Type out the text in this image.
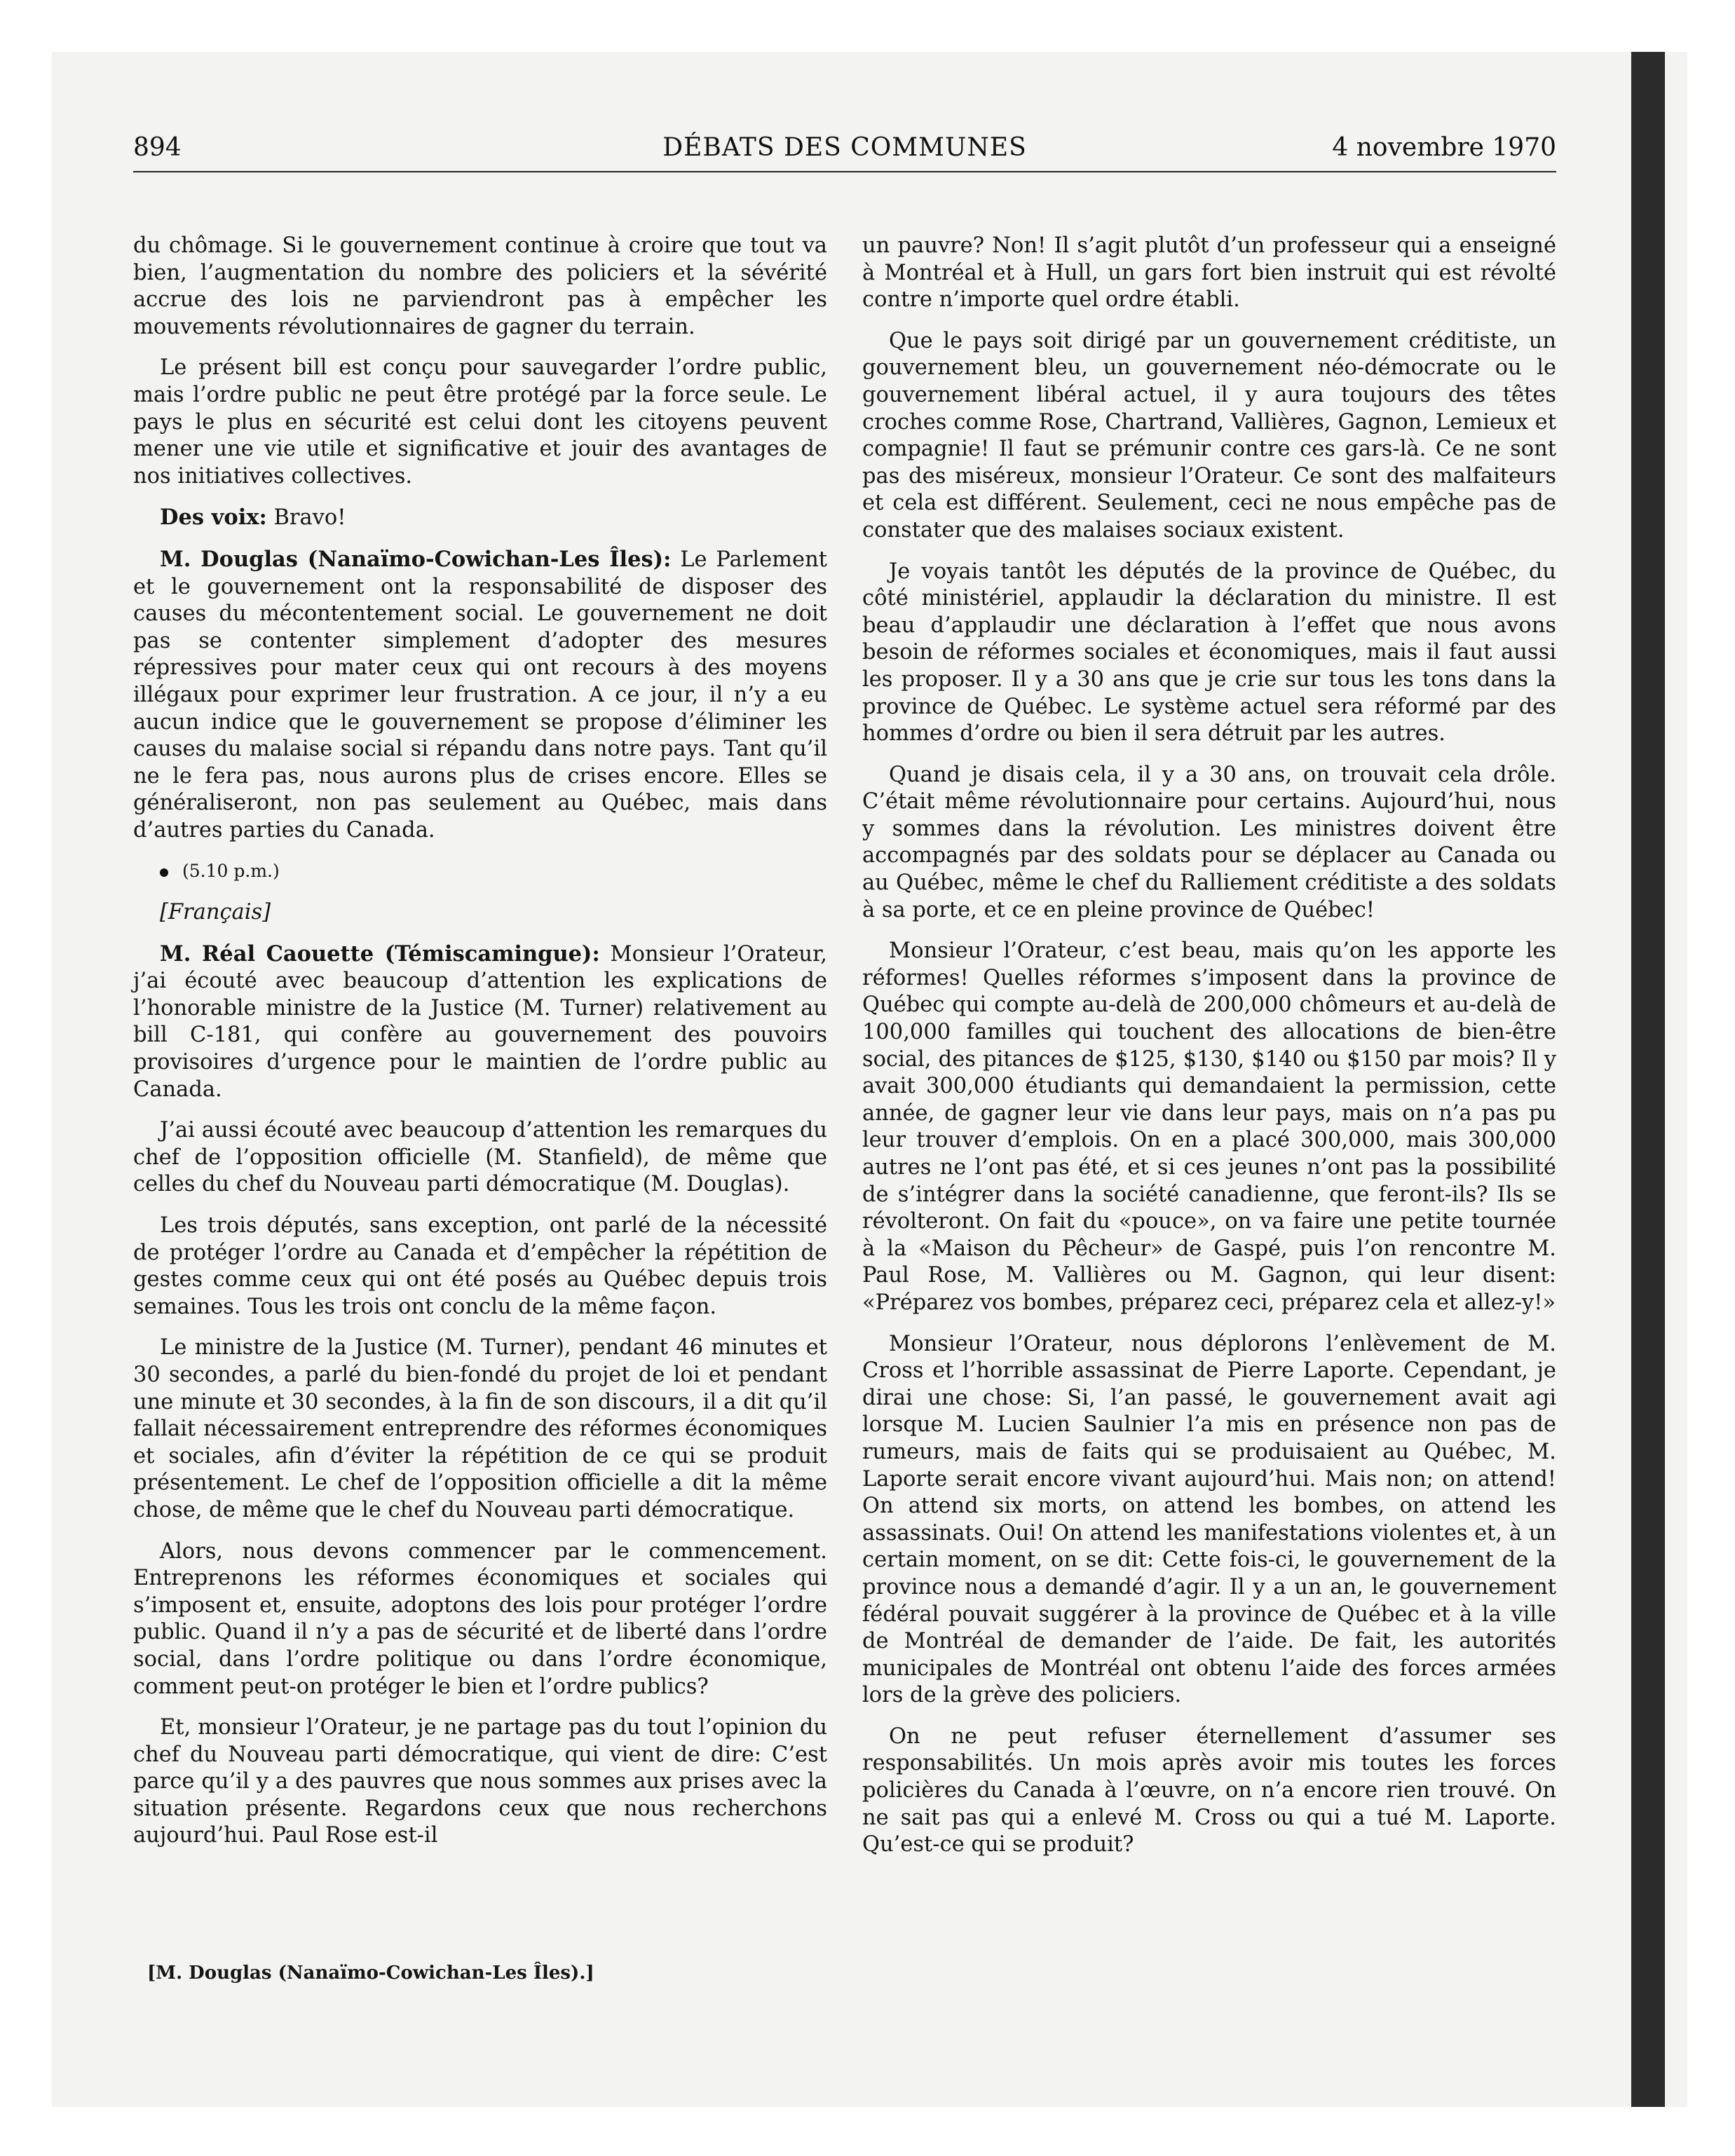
894	DÉBATS DES COMMUNES	4 novembre 1970

du chômage. Si le gouvernement continue à croire que tout va bien, l’augmentation du nombre des policiers et la sévérité accrue des lois ne parviendront pas à empêcher les mouvements révolutionnaires de gagner du terrain.

Le présent bill est conçu pour sauvegarder l’ordre public, mais l’ordre public ne peut être protégé par la force seule. Le pays le plus en sécurité est celui dont les citoyens peuvent mener une vie utile et significative et jouir des avantages de nos initiatives collectives.

Des voix: Bravo!

M. Douglas (Nanaïmo-Cowichan-Les Îles): Le Parlement et le gouvernement ont la responsabilité de disposer des causes du mécontentement social. Le gouvernement ne doit pas se contenter simplement d’adopter des mesures répressives pour mater ceux qui ont recours à des moyens illégaux pour exprimer leur frustration. A ce jour, il n’y a eu aucun indice que le gouvernement se propose d’éliminer les causes du malaise social si répandu dans notre pays. Tant qu’il ne le fera pas, nous aurons plus de crises encore. Elles se généraliseront, non pas seulement au Québec, mais dans d’autres parties du Canada.

(5.10 p.m.)

[Français]

M. Réal Caouette (Témiscamingue): Monsieur l’Orateur, j’ai écouté avec beaucoup d’attention les explications de l’honorable ministre de la Justice (M. Turner) relativement au bill C-181, qui confère au gouvernement des pouvoirs provisoires d’urgence pour le maintien de l’ordre public au Canada.

J’ai aussi écouté avec beaucoup d’attention les remarques du chef de l’opposition officielle (M. Stanfield), de même que celles du chef du Nouveau parti démocratique (M. Douglas).

Les trois députés, sans exception, ont parlé de la nécessité de protéger l’ordre au Canada et d’empêcher la répétition de gestes comme ceux qui ont été posés au Québec depuis trois semaines. Tous les trois ont conclu de la même façon.

Le ministre de la Justice (M. Turner), pendant 46 minutes et 30 secondes, a parlé du bien-fondé du projet de loi et pendant une minute et 30 secondes, à la fin de son discours, il a dit qu’il fallait nécessairement entreprendre des réformes économiques et sociales, afin d’éviter la répétition de ce qui se produit présentement. Le chef de l’opposition officielle a dit la même chose, de même que le chef du Nouveau parti démocratique.

Alors, nous devons commencer par le commencement. Entreprenons les réformes économiques et sociales qui s’imposent et, ensuite, adoptons des lois pour protéger l’ordre public. Quand il n’y a pas de sécurité et de liberté dans l’ordre social, dans l’ordre politique ou dans l’ordre économique, comment peut-on protéger le bien et l’ordre publics?

Et, monsieur l’Orateur, je ne partage pas du tout l’opinion du chef du Nouveau parti démocratique, qui vient de dire: C’est parce qu’il y a des pauvres que nous sommes aux prises avec la situation présente. Regardons ceux que nous recherchons aujourd’hui. Paul Rose est-il

[M. Douglas (Nanaïmo-Cowichan-Les Îles).]

un pauvre? Non! Il s’agit plutôt d’un professeur qui a enseigné à Montréal et à Hull, un gars fort bien instruit qui est révolté contre n’importe quel ordre établi.

Que le pays soit dirigé par un gouvernement créditiste, un gouvernement bleu, un gouvernement néo-démocrate ou le gouvernement libéral actuel, il y aura toujours des têtes croches comme Rose, Chartrand, Vallières, Gagnon, Lemieux et compagnie! Il faut se prémunir contre ces gars-là. Ce ne sont pas des miséreux, monsieur l’Orateur. Ce sont des malfaiteurs et cela est différent. Seulement, ceci ne nous empêche pas de constater que des malaises sociaux existent.

Je voyais tantôt les députés de la province de Québec, du côté ministériel, applaudir la déclaration du ministre. Il est beau d’applaudir une déclaration à l’effet que nous avons besoin de réformes sociales et économiques, mais il faut aussi les proposer. Il y a 30 ans que je crie sur tous les tons dans la province de Québec. Le système actuel sera réformé par des hommes d’ordre ou bien il sera détruit par les autres.

Quand je disais cela, il y a 30 ans, on trouvait cela drôle. C’était même révolutionnaire pour certains. Aujourd’hui, nous y sommes dans la révolution. Les ministres doivent être accompagnés par des soldats pour se déplacer au Canada ou au Québec, même le chef du Ralliement créditiste a des soldats à sa porte, et ce en pleine province de Québec!

Monsieur l’Orateur, c’est beau, mais qu’on les apporte les réformes! Quelles réformes s’imposent dans la province de Québec qui compte au-delà de 200,000 chômeurs et au-delà de 100,000 familles qui touchent des allocations de bien-être social, des pitances de $125, $130, $140 ou $150 par mois? Il y avait 300,000 étudiants qui demandaient la permission, cette année, de gagner leur vie dans leur pays, mais on n’a pas pu leur trouver d’emplois. On en a placé 300,000, mais 300,000 autres ne l’ont pas été, et si ces jeunes n’ont pas la possibilité de s’intégrer dans la société canadienne, que feront-ils? Ils se révolteront. On fait du «pouce», on va faire une petite tournée à la «Maison du Pêcheur» de Gaspé, puis l’on rencontre M. Paul Rose, M. Vallières ou M. Gagnon, qui leur disent: «Préparez vos bombes, préparez ceci, préparez cela et allez-y!»

Monsieur l’Orateur, nous déplorons l’enlèvement de M. Cross et l’horrible assassinat de Pierre Laporte. Cependant, je dirai une chose: Si, l’an passé, le gouvernement avait agi lorsque M. Lucien Saulnier l’a mis en présence non pas de rumeurs, mais de faits qui se produisaient au Québec, M. Laporte serait encore vivant aujourd’hui. Mais non; on attend! On attend six morts, on attend les bombes, on attend les assassinats. Oui! On attend les manifestations violentes et, à un certain moment, on se dit: Cette fois-ci, le gouvernement de la province nous a demandé d’agir. Il y a un an, le gouvernement fédéral pouvait suggérer à la province de Québec et à la ville de Montréal de demander de l’aide. De fait, les autorités municipales de Montréal ont obtenu l’aide des forces armées lors de la grève des policiers.

On ne peut refuser éternellement d’assumer ses responsabilités. Un mois après avoir mis toutes les forces policières du Canada à l’œuvre, on n’a encore rien trouvé. On ne sait pas qui a enlevé M. Cross ou qui a tué M. Laporte. Qu’est-ce qui se produit?
